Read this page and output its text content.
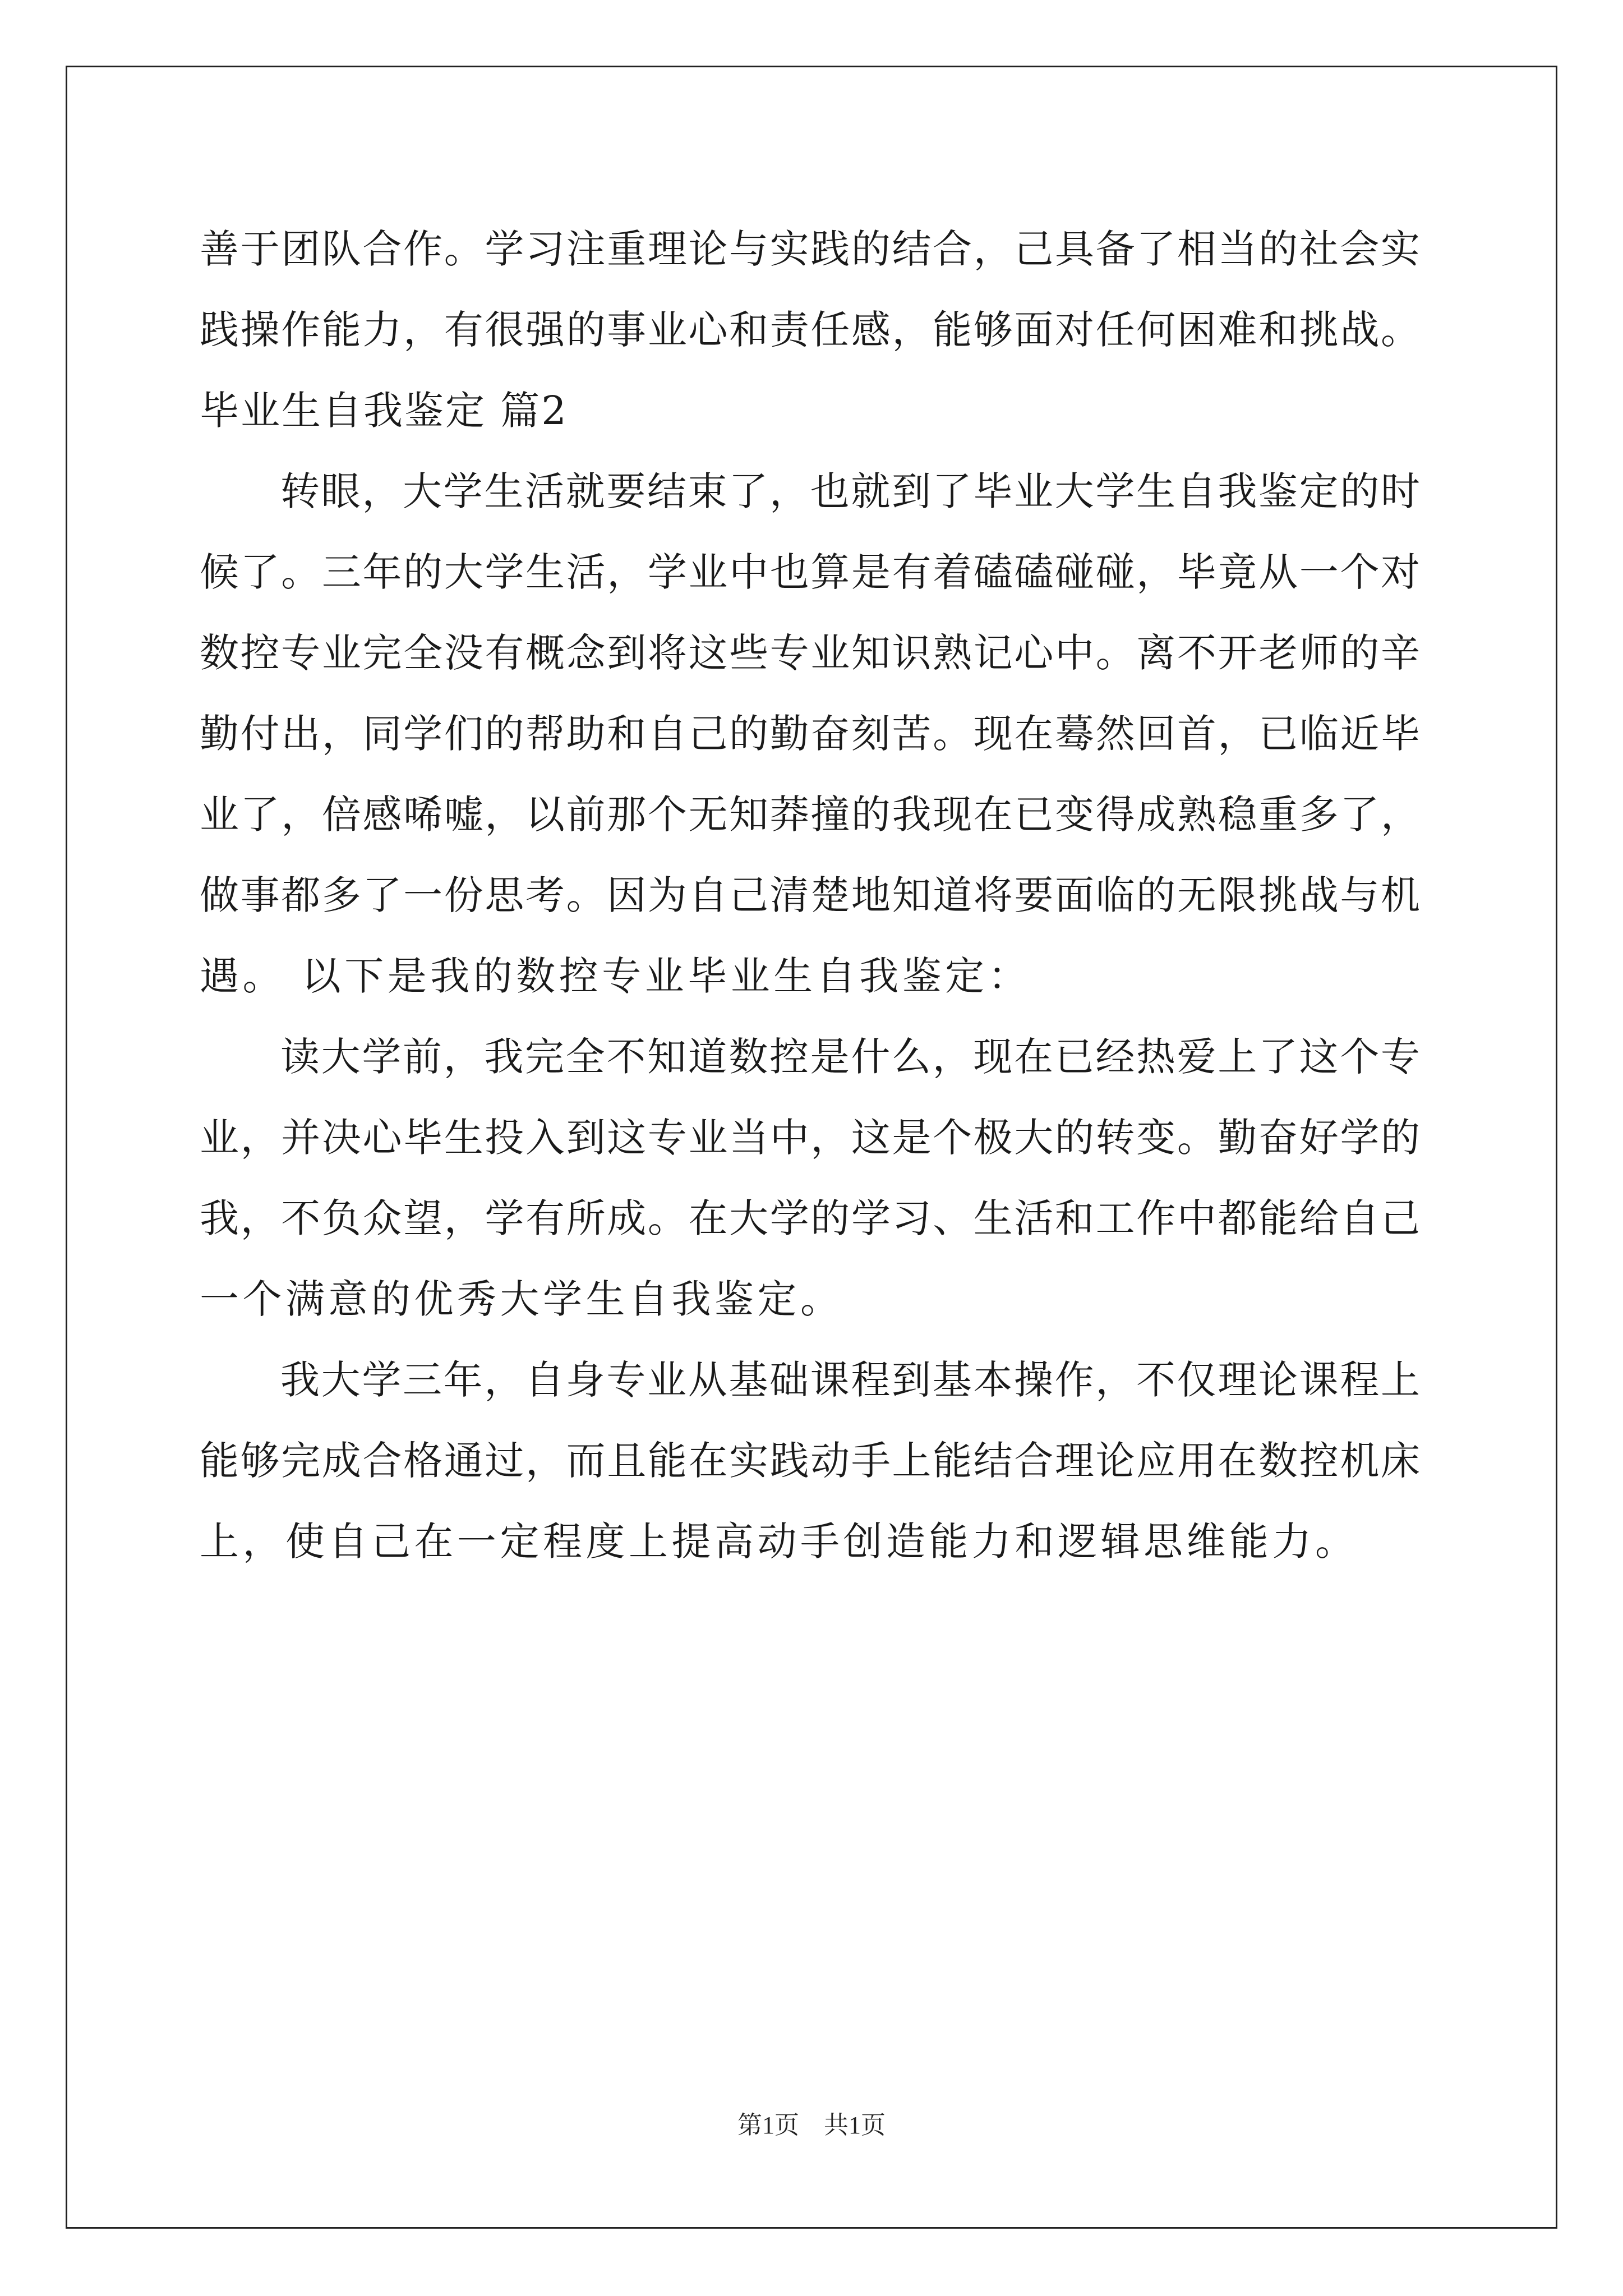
善于团队合作。学习注重理论与实践的结合，己具备了相当的社会实
践操作能力，有很强的事业心和责任感，能够面对任何困难和挑战。
毕业生自我鉴定 篇2
转眼，大学生活就要结束了，也就到了毕业大学生自我鉴定的时
候了。三年的大学生活，学业中也算是有着磕磕碰碰，毕竟从一个对
数控专业完全没有概念到将这些专业知识熟记心中。离不开老师的辛
勤付出，同学们的帮助和自己的勤奋刻苦。现在蓦然回首，已临近毕
业了，倍感唏嘘，以前那个无知莽撞的我现在已变得成熟稳重多了，
做事都多了一份思考。因为自己清楚地知道将要面临的无限挑战与机
遇。 以下是我的数控专业毕业生自我鉴定：
读大学前，我完全不知道数控是什么，现在已经热爱上了这个专
业，并决心毕生投入到这专业当中，这是个极大的转变。勤奋好学的
我，不负众望，学有所成。在大学的学习、生活和工作中都能给自己
一个满意的优秀大学生自我鉴定。
我大学三年，自身专业从基础课程到基本操作，不仅理论课程上
能够完成合格通过，而且能在实践动手上能结合理论应用在数控机床
上，使自己在一定程度上提高动手创造能力和逻辑思维能力。
第1页 共1页
